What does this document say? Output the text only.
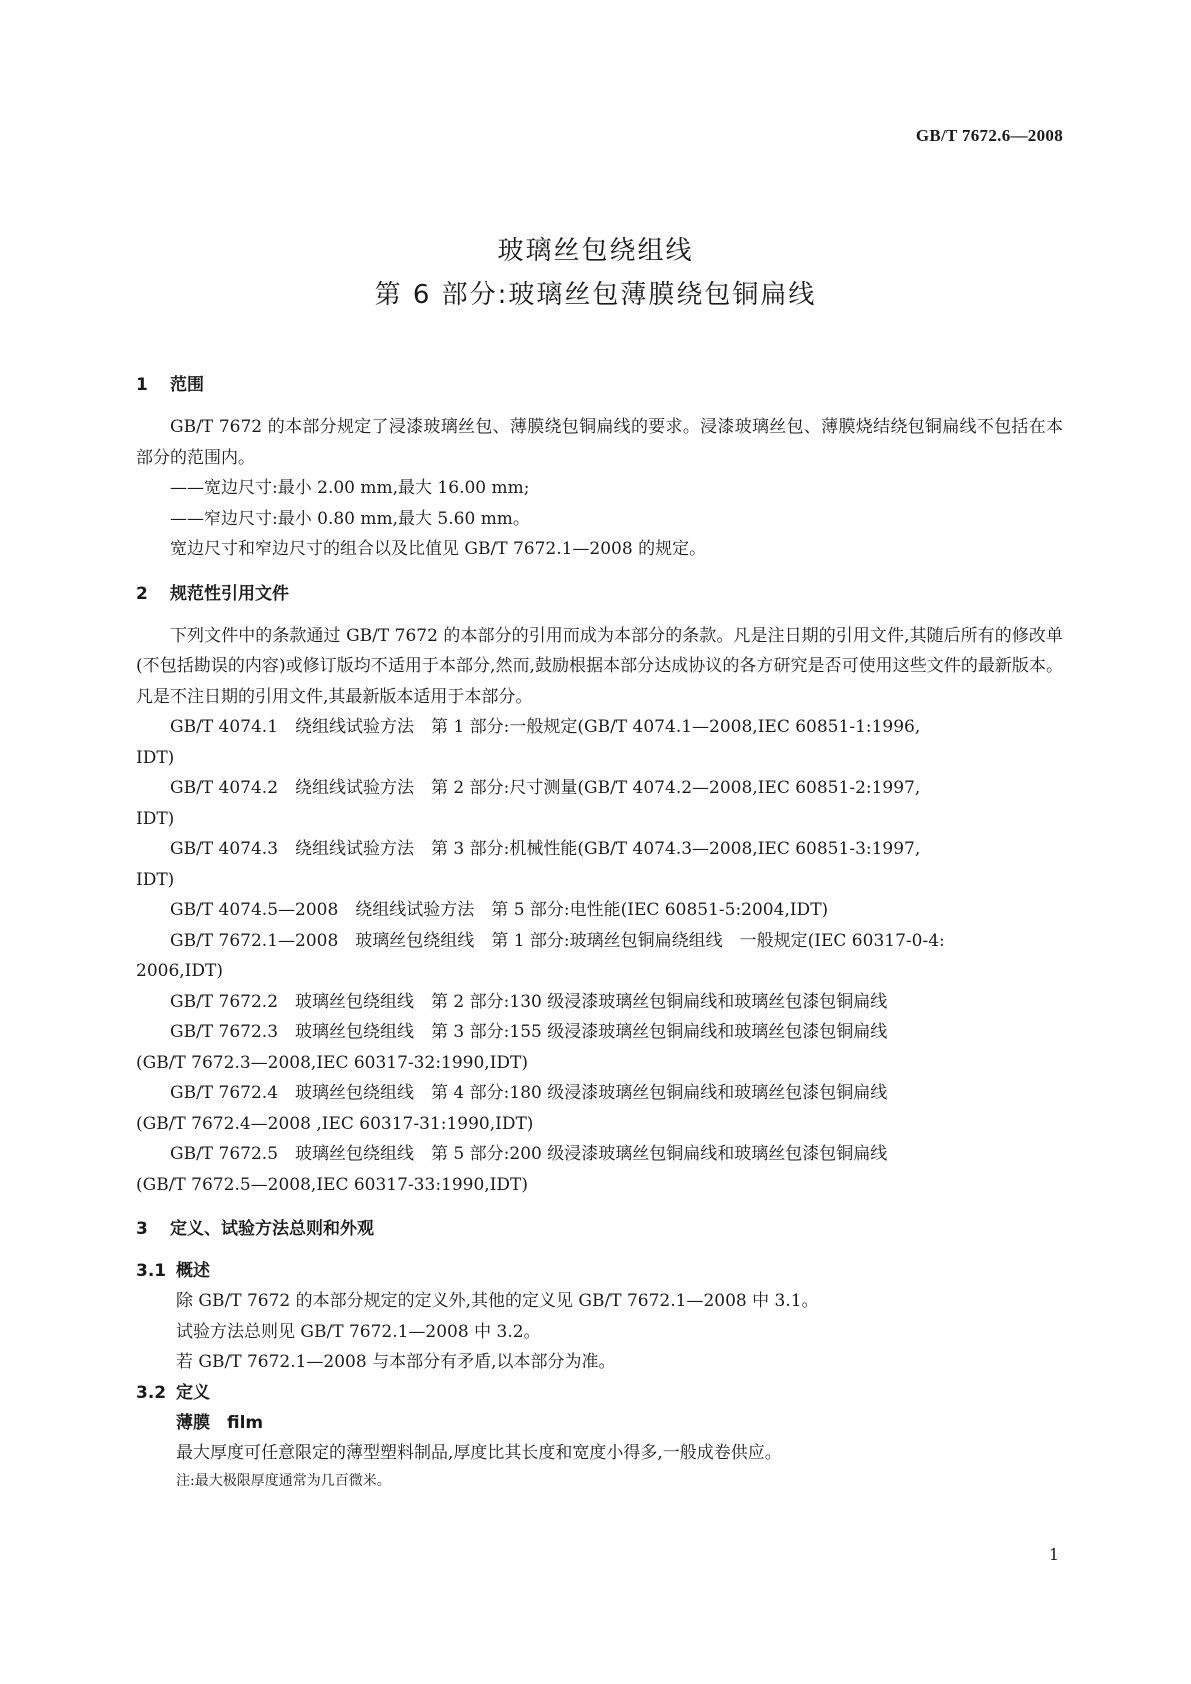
GB/T 7672.6—2008
玻璃丝包绕组线
第 6 部分:玻璃丝包薄膜绕包铜扁线
1 范围

GB/T 7672 的本部分规定了浸漆玻璃丝包、薄膜绕包铜扁线的要求。浸漆玻璃丝包、薄膜烧结绕包铜扁线不包括在本部分的范围内。

——宽边尺寸:最小 2.00 mm,最大 16.00 mm;

——窄边尺寸:最小 0.80 mm,最大 5.60 mm。

宽边尺寸和窄边尺寸的组合以及比值见 GB/T 7672.1—2008 的规定。

2 规范性引用文件

下列文件中的条款通过 GB/T 7672 的本部分的引用而成为本部分的条款。凡是注日期的引用文件,其随后所有的修改单(不包括勘误的内容)或修订版均不适用于本部分,然而,鼓励根据本部分达成协议的各方研究是否可使用这些文件的最新版本。凡是不注日期的引用文件,其最新版本适用于本部分。

GB/T 4074.1　绕组线试验方法　第 1 部分:一般规定(GB/T 4074.1—2008,IEC 60851-1:1996,

IDT)

GB/T 4074.2　绕组线试验方法　第 2 部分:尺寸测量(GB/T 4074.2—2008,IEC 60851-2:1997,

IDT)

GB/T 4074.3　绕组线试验方法　第 3 部分:机械性能(GB/T 4074.3—2008,IEC 60851-3:1997,

IDT)

GB/T 4074.5—2008　绕组线试验方法　第 5 部分:电性能(IEC 60851-5:2004,IDT)

GB/T 7672.1—2008　玻璃丝包绕组线　第 1 部分:玻璃丝包铜扁绕组线　一般规定(IEC 60317-0-4:

2006,IDT)

GB/T 7672.2　玻璃丝包绕组线　第 2 部分:130 级浸漆玻璃丝包铜扁线和玻璃丝包漆包铜扁线

GB/T 7672.3　玻璃丝包绕组线　第 3 部分:155 级浸漆玻璃丝包铜扁线和玻璃丝包漆包铜扁线

(GB/T 7672.3—2008,IEC 60317-32:1990,IDT)

GB/T 7672.4　玻璃丝包绕组线　第 4 部分:180 级浸漆玻璃丝包铜扁线和玻璃丝包漆包铜扁线

(GB/T 7672.4—2008 ,IEC 60317-31:1990,IDT)

GB/T 7672.5　玻璃丝包绕组线　第 5 部分:200 级浸漆玻璃丝包铜扁线和玻璃丝包漆包铜扁线

(GB/T 7672.5—2008,IEC 60317-33:1990,IDT)

3 定义、试验方法总则和外观
3.1 概述

除 GB/T 7672 的本部分规定的定义外,其他的定义见 GB/T 7672.1—2008 中 3.1。

试验方法总则见 GB/T 7672.1—2008 中 3.2。

若 GB/T 7672.1—2008 与本部分有矛盾,以本部分为准。

3.2 定义
薄膜　film

最大厚度可任意限定的薄型塑料制品,厚度比其长度和宽度小得多,一般成卷供应。

注:最大极限厚度通常为几百微米。

1
